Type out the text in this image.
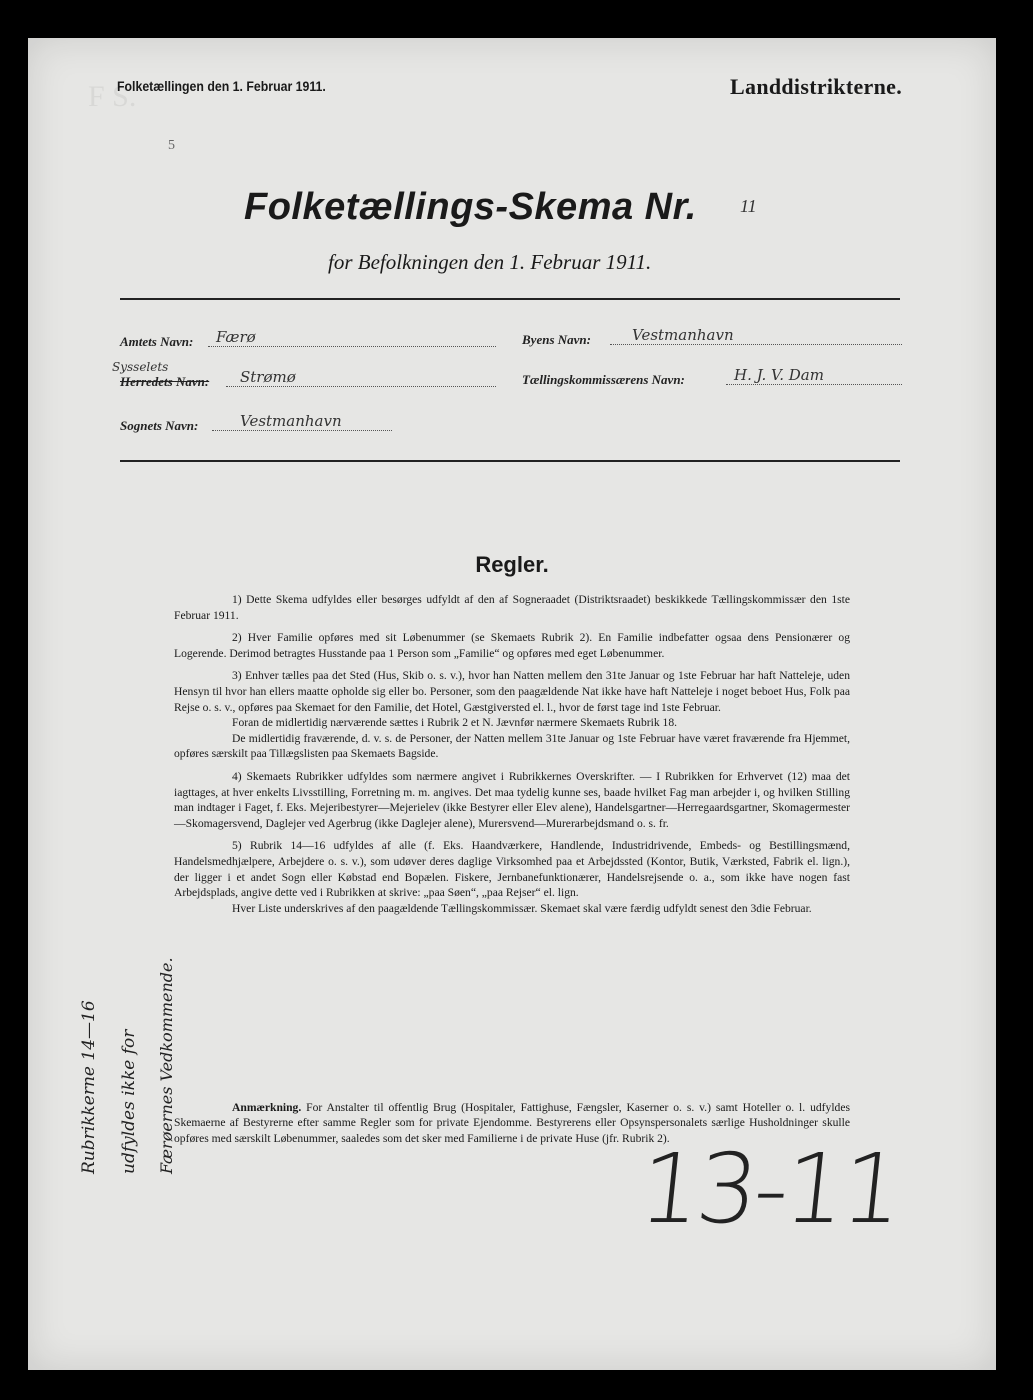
F S.
5
Folketællingen den 1. Februar 1911.	Landdistrikterne.
Folketællings-Skema Nr. 11
for Befolkningen den 1. Februar 1911.
Amtets Navn: Færø
Sysselets
Herredets Navn: Strømø
Sognets Navn:	Vestmanhavn
Byens Navn:	Vestmanhavn
Tællingskommissærens Navn:	H. J. V. Dam
Regler.

1) Dette Skema udfyldes eller besørges udfyldt af den af Sogneraadet (Distriktsraadet) beskikkede Tællingskommissær den 1ste Februar 1911.

2) Hver Familie opføres med sit Løbenummer (se Skemaets Rubrik 2). En Familie indbefatter ogsaa dens Pensionærer og Logerende. Derimod betragtes Husstande paa 1 Person som „Familie“ og opføres med eget Løbenummer.

3) Enhver tælles paa det Sted (Hus, Skib o. s. v.), hvor han Natten mellem den 31te Januar og 1ste Februar har haft Natteleje, uden Hensyn til hvor han ellers maatte opholde sig eller bo. Personer, som den paagældende Nat ikke have haft Natteleje i noget beboet Hus, Folk paa Rejse o. s. v., opføres paa Skemaet for den Familie, det Hotel, Gæstgiversted el. l., hvor de først tage ind 1ste Februar.

Foran de midlertidig nærværende sættes i Rubrik 2 et N. Jævnfør nærmere Skemaets Rubrik 18.

De midlertidig fraværende, d. v. s. de Personer, der Natten mellem 31te Januar og 1ste Februar have været fraværende fra Hjemmet, opføres særskilt paa Tillægslisten paa Skemaets Bagside.

4) Skemaets Rubrikker udfyldes som nærmere angivet i Rubrikkernes Overskrifter. — I Rubrikken for Erhvervet (12) maa det iagttages, at hver enkelts Livsstilling, Forretning m. m. angives. Det maa tydelig kunne ses, baade hvilket Fag man arbejder i, og hvilken Stilling man indtager i Faget, f. Eks. Mejeribestyrer—Mejerielev (ikke Bestyrer eller Elev alene), Handelsgartner—Herregaardsgartner, Skomagermester—Skomagersvend, Daglejer ved Agerbrug (ikke Daglejer alene), Murersvend—Murerarbejdsmand o. s. fr.

5) Rubrik 14—16 udfyldes af alle (f. Eks. Haandværkere, Handlende, Industridrivende, Embeds- og Bestillingsmænd, Handelsmedhjælpere, Arbejdere o. s. v.), som udøver deres daglige Virksomhed paa et Arbejdssted (Kontor, Butik, Værksted, Fabrik el. lign.), der ligger i et andet Sogn eller Købstad end Bopælen. Fiskere, Jernbanefunktionærer, Handelsrejsende o. a., som ikke have nogen fast Arbejdsplads, angive dette ved i Rubrikken at skrive: „paa Søen“, „paa Rejser“ el. lign.

Hver Liste underskrives af den paagældende Tællingskommissær. Skemaet skal være færdig udfyldt senest den 3die Februar.

Anmærkning. For Anstalter til offentlig Brug (Hospitaler, Fattighuse, Fængsler, Kaserner o. s. v.) samt Hoteller o. l. udfyldes Skemaerne af Bestyrerne efter samme Regler som for private Ejendomme. Bestyrerens eller Opsynspersonalets særlige Husholdninger skulle opføres med særskilt Løbenummer, saaledes som det sker med Familierne i de private Huse (jfr. Rubrik 2).
Rubrikkerne 14—16 udfyldes ikke for Færøernes Vedkommende.
13-11
